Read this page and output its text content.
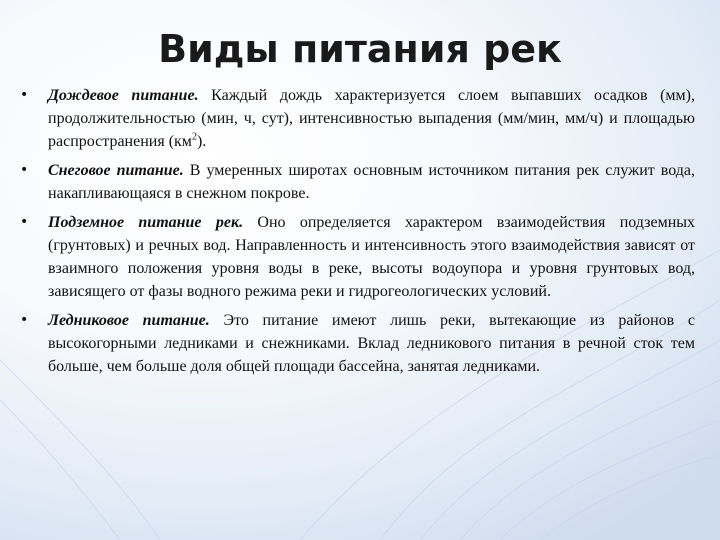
Виды питания рек
• Дождевое питание. Каждый дождь характеризуется слоем выпавших осадков (мм), продолжительностью (мин, ч, сут), интенсивностью выпадения (мм/мин, мм/ч) и площадью распространения $(км^2)$.
• Снеговое питание. В умеренных широтах основным источником питания рек служит вода, накапливающаяся в снежном покрове.
• Подземное питание рек. Оно определяется характером взаимодействия подземных (грунтовых) и речных вод. Направленность и интенсивность этого взаимодействия зависят от взаимного положения уровня воды в реке, высоты водоупора и уровня грунтовых вод, зависящего от фазы водного режима реки и гидрогеологических условий.
• Ледниковое питание. Это питание имеют лишь реки, вытекающие из районов с высокогорными ледниками и снежниками. Вклад ледникового питания в речной сток тем больше, чем больше доля общей площади бассейна, занятая ледниками.
